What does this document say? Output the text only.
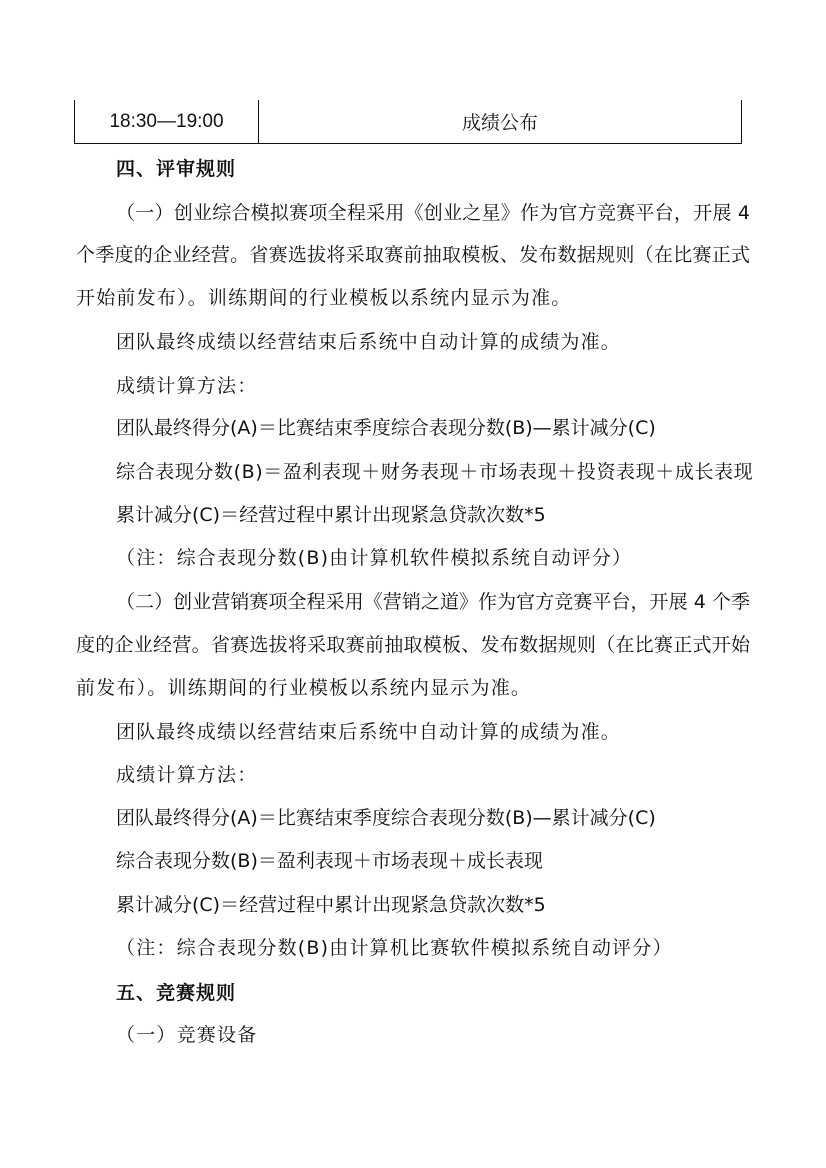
18:30—19:00	成绩公布
四、评审规则
（一）创业综合模拟赛项全程采用《创业之星》作为官方竞赛平台，开展 4
个季度的企业经营。省赛选拔将采取赛前抽取模板、发布数据规则（在比赛正式
开始前发布）。训练期间的行业模板以系统内显示为准。
团队最终成绩以经营结束后系统中自动计算的成绩为准。
成绩计算方法：
团队最终得分(A)＝比赛结束季度综合表现分数(B)—累计减分(C)
综合表现分数(B)＝盈利表现＋财务表现＋市场表现＋投资表现＋成长表现
累计减分(C)＝经营过程中累计出现紧急贷款次数*5
（注：综合表现分数(B)由计算机软件模拟系统自动评分）
（二）创业营销赛项全程采用《营销之道》作为官方竞赛平台，开展 4 个季
度的企业经营。省赛选拔将采取赛前抽取模板、发布数据规则（在比赛正式开始
前发布）。训练期间的行业模板以系统内显示为准。
团队最终成绩以经营结束后系统中自动计算的成绩为准。
成绩计算方法：
团队最终得分(A)＝比赛结束季度综合表现分数(B)—累计减分(C)
综合表现分数(B)＝盈利表现＋市场表现＋成长表现
累计减分(C)＝经营过程中累计出现紧急贷款次数*5
（注：综合表现分数(B)由计算机比赛软件模拟系统自动评分）
五、竞赛规则
（一）竞赛设备
